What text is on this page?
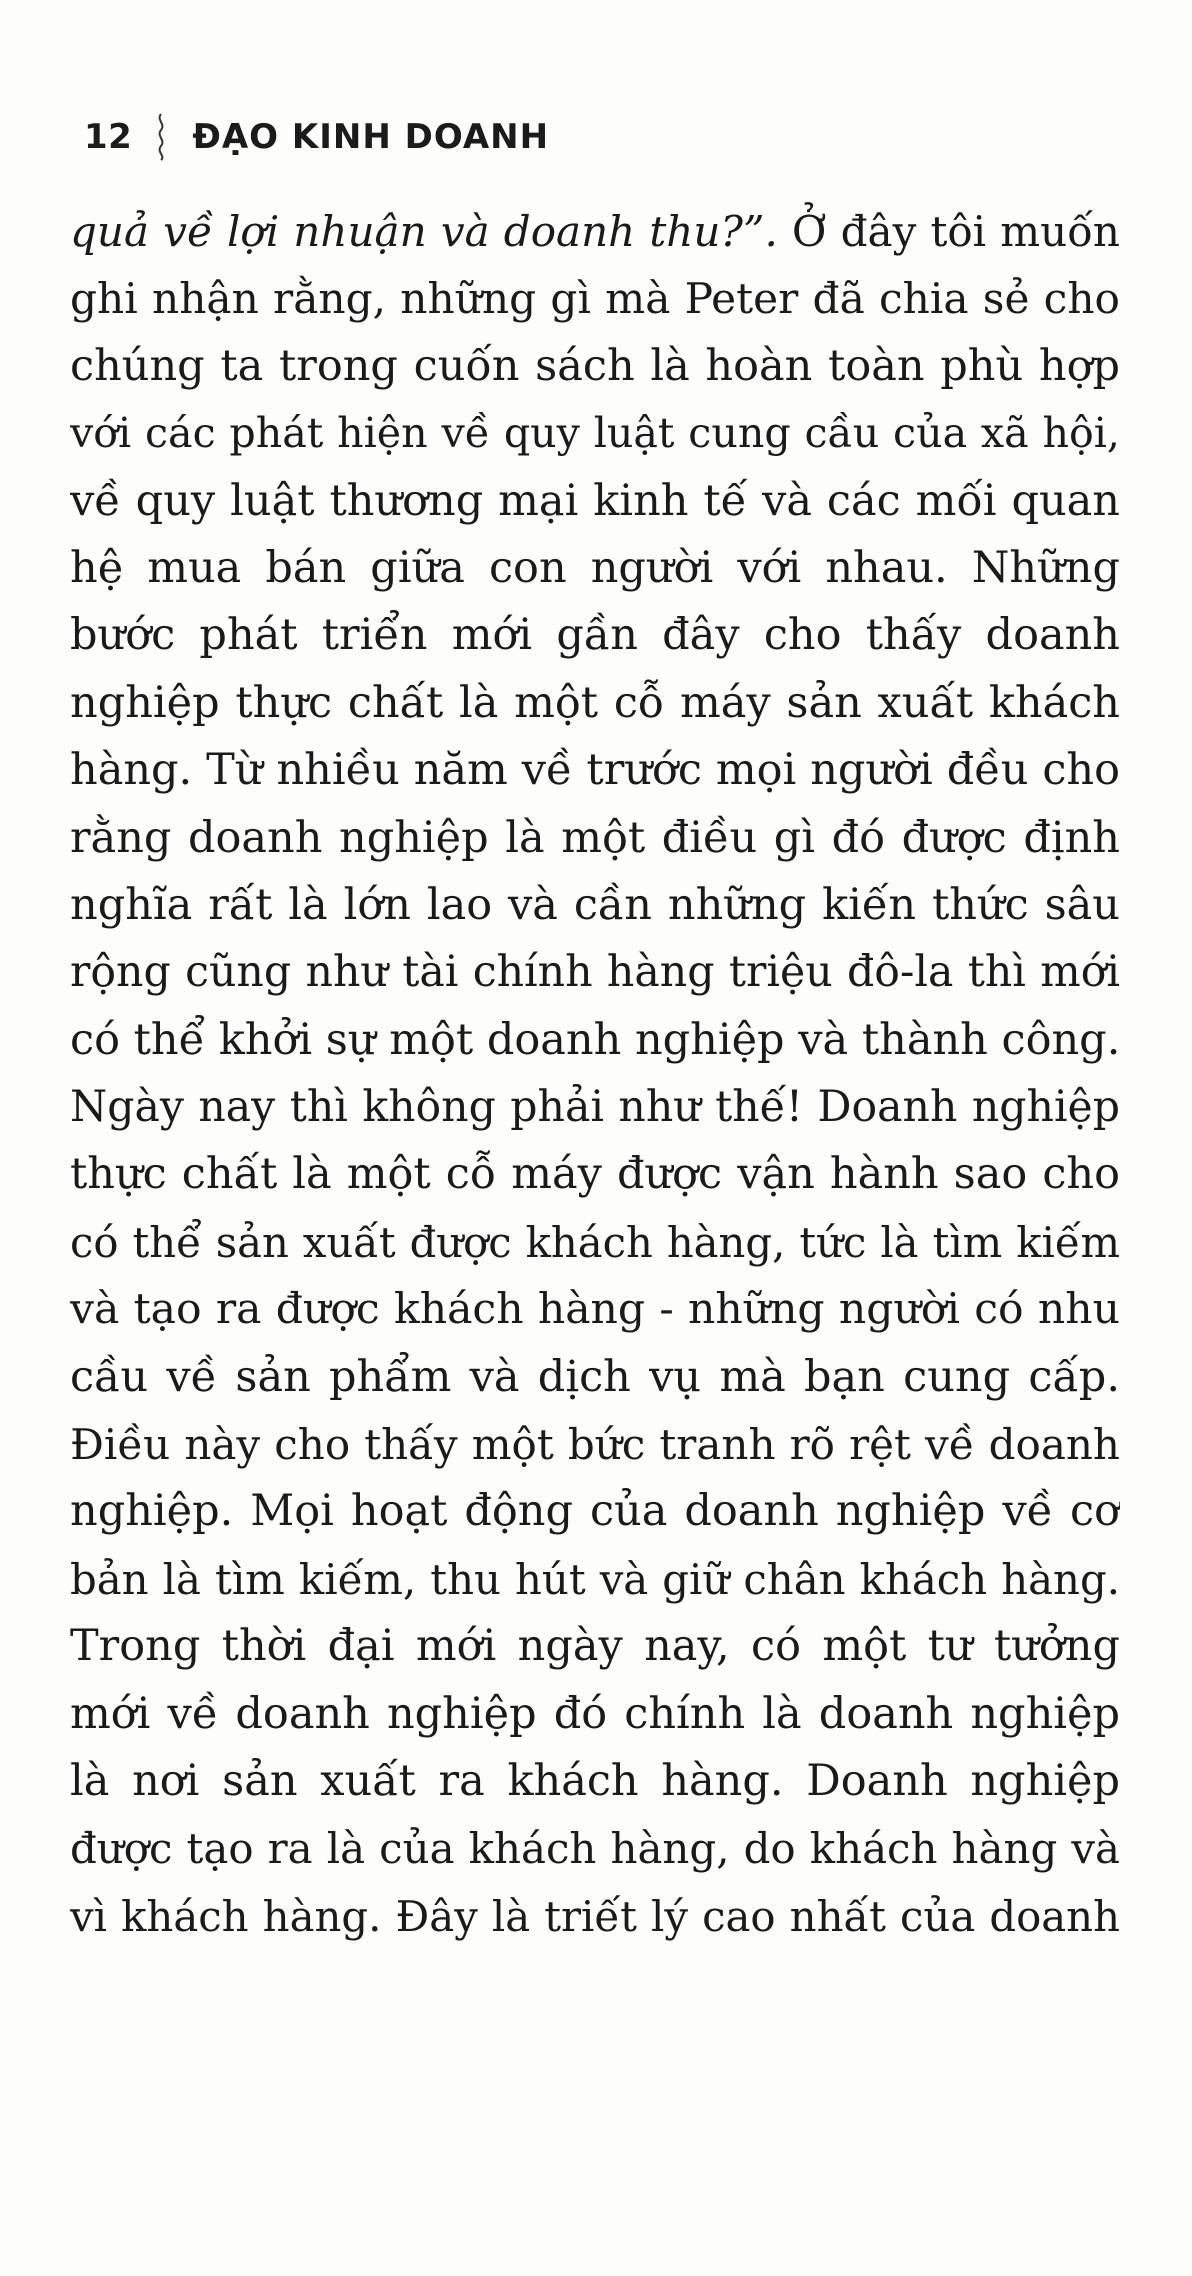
12 ĐẠO KINH DOANH
quả về lợi nhuận và doanh thu?”. Ở đây tôi muốn
ghi nhận rằng, những gì mà Peter đã chia sẻ cho
chúng ta trong cuốn sách là hoàn toàn phù hợp
với các phát hiện về quy luật cung cầu của xã hội,
về quy luật thương mại kinh tế và các mối quan
hệ mua bán giữa con người với nhau. Những
bước phát triển mới gần đây cho thấy doanh
nghiệp thực chất là một cỗ máy sản xuất khách
hàng. Từ nhiều năm về trước mọi người đều cho
rằng doanh nghiệp là một điều gì đó được định
nghĩa rất là lớn lao và cần những kiến thức sâu
rộng cũng như tài chính hàng triệu đô-la thì mới
có thể khởi sự một doanh nghiệp và thành công.
Ngày nay thì không phải như thế! Doanh nghiệp
thực chất là một cỗ máy được vận hành sao cho
có thể sản xuất được khách hàng, tức là tìm kiếm
và tạo ra được khách hàng - những người có nhu
cầu về sản phẩm và dịch vụ mà bạn cung cấp.
Điều này cho thấy một bức tranh rõ rệt về doanh
nghiệp. Mọi hoạt động của doanh nghiệp về cơ
bản là tìm kiếm, thu hút và giữ chân khách hàng.
Trong thời đại mới ngày nay, có một tư tưởng
mới về doanh nghiệp đó chính là doanh nghiệp
là nơi sản xuất ra khách hàng. Doanh nghiệp
được tạo ra là của khách hàng, do khách hàng và
vì khách hàng. Đây là triết lý cao nhất của doanh
